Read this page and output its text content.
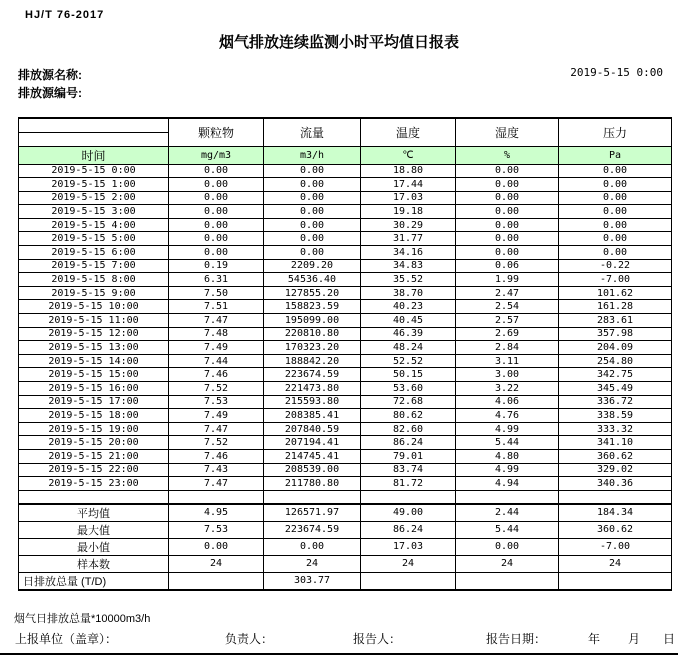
HJ/T 76-2017
烟气排放连续监测小时平均值日报表
排放源名称:
排放源编号:
2019-5-15 0:00
	颗粒物	流量	温度	湿度	压力
时间	mg/m3	m3/h	℃	%	Pa
2019-5-15 0:00	0.00	0.00	18.80	0.00	0.00
2019-5-15 1:00	0.00	0.00	17.44	0.00	0.00
2019-5-15 2:00	0.00	0.00	17.03	0.00	0.00
2019-5-15 3:00	0.00	0.00	19.18	0.00	0.00
2019-5-15 4:00	0.00	0.00	30.29	0.00	0.00
2019-5-15 5:00	0.00	0.00	31.77	0.00	0.00
2019-5-15 6:00	0.00	0.00	34.16	0.00	0.00
2019-5-15 7:00	0.19	2209.20	34.83	0.06	-0.22
2019-5-15 8:00	6.31	54536.40	35.52	1.99	-7.00
2019-5-15 9:00	7.50	127855.20	38.70	2.47	101.62
2019-5-15 10:00	7.51	158823.59	40.23	2.54	161.28
2019-5-15 11:00	7.47	195099.00	40.45	2.57	283.61
2019-5-15 12:00	7.48	220810.80	46.39	2.69	357.98
2019-5-15 13:00	7.49	170323.20	48.24	2.84	204.09
2019-5-15 14:00	7.44	188842.20	52.52	3.11	254.80
2019-5-15 15:00	7.46	223674.59	50.15	3.00	342.75
2019-5-15 16:00	7.52	221473.80	53.60	3.22	345.49
2019-5-15 17:00	7.53	215593.80	72.68	4.06	336.72
2019-5-15 18:00	7.49	208385.41	80.62	4.76	338.59
2019-5-15 19:00	7.47	207840.59	82.60	4.99	333.32
2019-5-15 20:00	7.52	207194.41	86.24	5.44	341.10
2019-5-15 21:00	7.46	214745.41	79.01	4.80	360.62
2019-5-15 22:00	7.43	208539.00	83.74	4.99	329.02
2019-5-15 23:00	7.47	211780.80	81.72	4.94	340.36

平均值	4.95	126571.97	49.00	2.44	184.34
最大值	7.53	223674.59	86.24	5.44	360.62
最小值	0.00	0.00	17.03	0.00	-7.00
样本数	24	24	24	24	24
日排放总量 (T/D)		303.77			
烟气日排放总量*10000m3/h
上报单位（盖章）：	负责人：	报告人：	报告日期：	年 月 日
